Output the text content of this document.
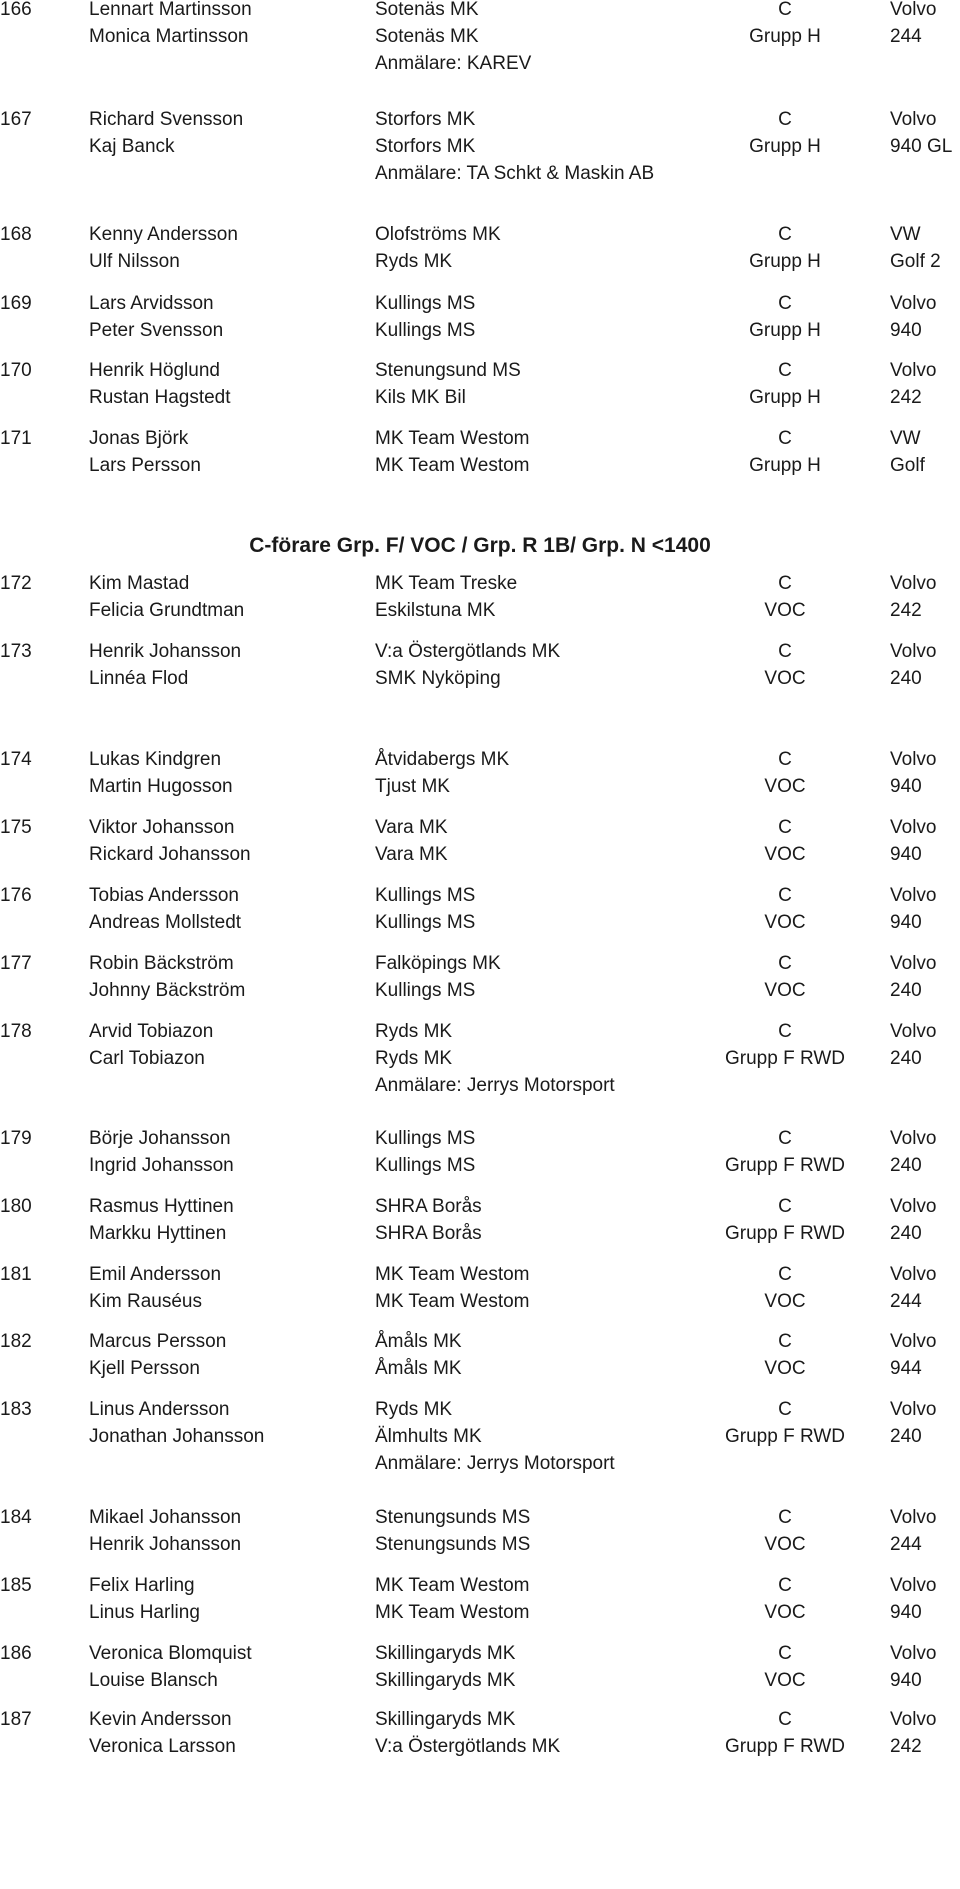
166	Lennart Martinsson	Sotenäs MK	C	Volvo
Monica Martinsson	Sotenäs MK	Grupp H	244
Anmälare: KAREV
167	Richard Svensson	Storfors MK	C	Volvo
Kaj Banck	Storfors MK	Grupp H	940 GL
Anmälare: TA Schkt & Maskin AB
168	Kenny Andersson	Olofströms MK	C	VW
Ulf Nilsson	Ryds MK	Grupp H	Golf 2
169	Lars Arvidsson	Kullings MS	C	Volvo
Peter Svensson	Kullings MS	Grupp H	940
170	Henrik Höglund	Stenungsund MS	C	Volvo
Rustan Hagstedt	Kils MK Bil	Grupp H	242
171	Jonas Björk	MK Team Westom	C	VW
Lars Persson	MK Team Westom	Grupp H	Golf
172	Kim Mastad	MK Team Treske	C	Volvo
Felicia Grundtman	Eskilstuna MK	VOC	242
173	Henrik Johansson	V:a Östergötlands MK	C	Volvo
Linnéa Flod	SMK Nyköping	VOC	240
174	Lukas Kindgren	Åtvidabergs MK	C	Volvo
Martin Hugosson	Tjust MK	VOC	940
175	Viktor Johansson	Vara MK	C	Volvo
Rickard Johansson	Vara MK	VOC	940
176	Tobias Andersson	Kullings MS	C	Volvo
Andreas Mollstedt	Kullings MS	VOC	940
177	Robin Bäckström	Falköpings MK	C	Volvo
Johnny Bäckström	Kullings MS	VOC	240
178	Arvid Tobiazon	Ryds MK	C	Volvo
Carl Tobiazon	Ryds MK	Grupp F RWD	240
Anmälare: Jerrys Motorsport
179	Börje Johansson	Kullings MS	C	Volvo
Ingrid Johansson	Kullings MS	Grupp F RWD	240
180	Rasmus Hyttinen	SHRA Borås	C	Volvo
Markku Hyttinen	SHRA Borås	Grupp F RWD	240
181	Emil Andersson	MK Team Westom	C	Volvo
Kim Rauséus	MK Team Westom	VOC	244
182	Marcus Persson	Åmåls MK	C	Volvo
Kjell Persson	Åmåls MK	VOC	944
183	Linus Andersson	Ryds MK	C	Volvo
Jonathan Johansson	Älmhults MK	Grupp F RWD	240
Anmälare: Jerrys Motorsport
184	Mikael Johansson	Stenungsunds MS	C	Volvo
Henrik Johansson	Stenungsunds MS	VOC	244
185	Felix Harling	MK Team Westom	C	Volvo
Linus Harling	MK Team Westom	VOC	940
186	Veronica Blomquist	Skillingaryds MK	C	Volvo
Louise Blansch	Skillingaryds MK	VOC	940
187	Kevin Andersson	Skillingaryds MK	C	Volvo
Veronica Larsson	V:a Östergötlands MK	Grupp F RWD	242
C-förare Grp. F/ VOC / Grp. R 1B/ Grp. N <1400
